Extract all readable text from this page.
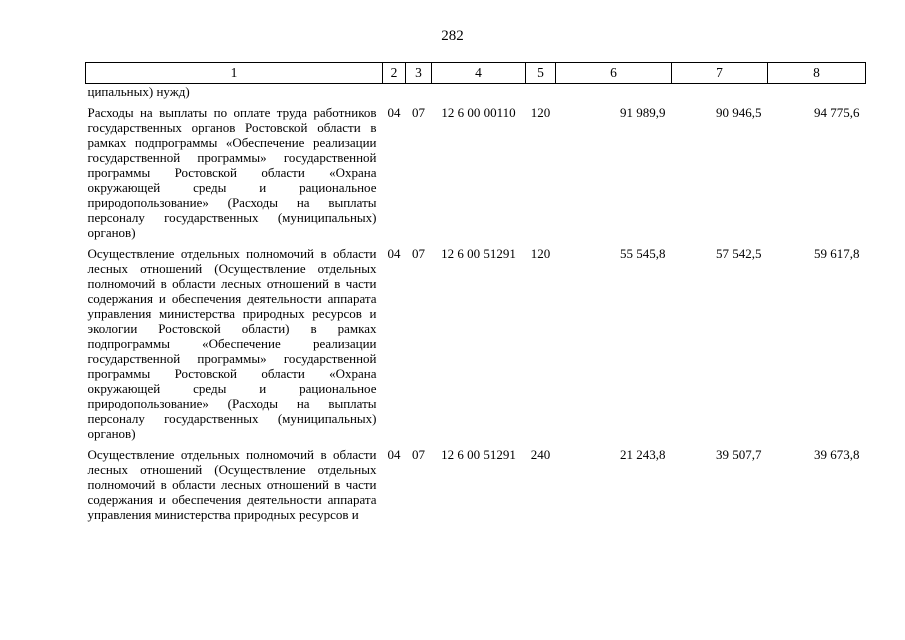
282
1	2	3	4	5	6	7	8
ципальных) нужд)							

Расходы на выплаты по оплате труда работников государственных органов Ростовской области в рамках подпрограммы «Обеспечение реализации государственной программы» государственной программы Ростовской области «Охрана окружающей среды и рациональное природопользование» (Расходы на выплаты персоналу государственных (муниципальных) органов)	04	07	12 6 00 00110	120	91 989,9	90 946,5	94 775,6

Осуществление отдельных полномочий в области лесных отношений (Осуществление отдельных полномочий в области лесных отношений в части содержания и обеспечения деятельности аппарата управления министерства природных ресурсов и экологии Ростовской области) в рамках подпрограммы «Обеспечение реализации государственной программы» государственной программы Ростовской области «Охрана окружающей среды и рациональное природопользование» (Расходы на выплаты персоналу государственных (муниципальных) органов)	04	07	12 6 00 51291	120	55 545,8	57 542,5	59 617,8

Осуществление отдельных полномочий в области лесных отношений (Осуществление отдельных полномочий в области лесных отношений в части содержания и обеспечения деятельности аппарата управления министерства природных ресурсов и	04	07	12 6 00 51291	240	21 243,8	39 507,7	39 673,8
